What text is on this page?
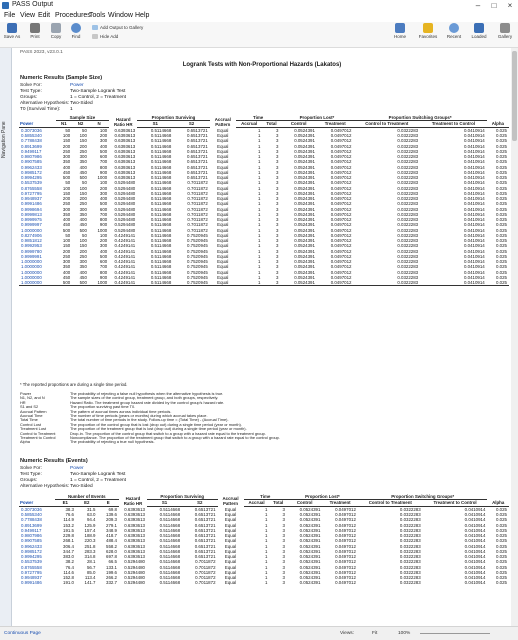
PASS Output	–	□	×
File View Edit Procedures
Tools Window Help
Save As	Print	Copy	Find
Add Output to Gallery
Hide Add	Home	Favorites	Recent	Loaded	Gallery
Navigation Pane
PASS 2023, v23.0.1
Logrank Tests with Non-Proportional Hazards (Lakatos)
Numeric Results (Sample Size)
Solve For:	Power
Test Type:	Two-Sample Logrank Test
Groups:	1 = Control, 2 = Treatment
Alternative Hypothesis:Two-Sided
T0 (Survival Time): 1
	Sample Size			Hazard Ratio HR	Proportion Surviving		Accrual Pattern	Time		Proportion Lost*		Proportion Switching Groups*		
Power	N1	N2	N		S1	S2		Accrual	Total	Control	Treatment	Control to Treatment	Treatment to Control	Alpha
0.3073036	50	50	100	0.6393613	0.5114668	0.6513721	Equal	1	3	0.0524391	0.0497012	0.0322283	0.0410914	0.025
0.5855340	100	100	200	0.6393613	0.5114668	0.6513721	Equal	1	3	0.0524391	0.0497012	0.0322283	0.0410914	0.025
0.7788438	150	150	300	0.6393613	0.5114668	0.6513721	Equal	1	3	0.0524391	0.0497012	0.0322283	0.0410914	0.025
0.8913699	200	200	400	0.6393613	0.5114668	0.6513721	Equal	1	3	0.0524391	0.0497012	0.0322283	0.0410914	0.025
0.9499117	250	250	500	0.6393613	0.5114668	0.6513721	Equal	1	3	0.0524391	0.0497012	0.0322283	0.0410914	0.025
0.9807986	300	300	600	0.6393613	0.5114668	0.6513721	Equal	1	3	0.0524391	0.0497012	0.0322283	0.0410914	0.025
0.9907585	350	350	700	0.6393613	0.5114668	0.6513721	Equal	1	3	0.0524391	0.0497012	0.0322283	0.0410914	0.025
0.9962433	400	400	800	0.6393613	0.5114668	0.6513721	Equal	1	3	0.0524391	0.0497012	0.0322283	0.0410914	0.025
0.9985172	450	450	900	0.6393613	0.5114668	0.6513721	Equal	1	3	0.0524391	0.0497012	0.0322283	0.0410914	0.025
0.9994295	500	500	1000	0.6393613	0.5114668	0.6513721	Equal	1	3	0.0524391	0.0497012	0.0322283	0.0410914	0.025
0.5537539	50	50	100	0.5294480	0.5114668	0.7011872	Equal	1	3	0.0524391	0.0497012	0.0322283	0.0410914	0.025
0.8765558	100	100	200	0.5294480	0.5114668	0.7011872	Equal	1	3	0.0524391	0.0497012	0.0322283	0.0410914	0.025
0.9727795	150	150	300	0.5294480	0.5114668	0.7011872	Equal	1	3	0.0524391	0.0497012	0.0322283	0.0410914	0.025
0.9948937	200	200	400	0.5294480	0.5114668	0.7011872	Equal	1	3	0.0524391	0.0497012	0.0322283	0.0410914	0.025
0.9991486	250	250	500	0.5294480	0.5114668	0.7011872	Equal	1	3	0.0524391	0.0497012	0.0322283	0.0410914	0.025
0.9998694	300	300	600	0.5294480	0.5114668	0.7011872	Equal	1	3	0.0524391	0.0497012	0.0322283	0.0410914	0.025
0.9999813	350	350	700	0.5294480	0.5114668	0.7011872	Equal	1	3	0.0524391	0.0497012	0.0322283	0.0410914	0.025
0.9999975	400	400	800	0.5294480	0.5114668	0.7011872	Equal	1	3	0.0524391	0.0497012	0.0322283	0.0410914	0.025
0.9999997	450	450	900	0.5294480	0.5114668	0.7011872	Equal	1	3	0.0524391	0.0497012	0.0322283	0.0410914	0.025
1.0000000	500	500	1000	0.5294480	0.5114668	0.7011872	Equal	1	3	0.0524391	0.0497012	0.0322283	0.0410914	0.025
0.8274906	50	50	100	0.4249141	0.5114668	0.7520945	Equal	1	3	0.0524391	0.0497012	0.0322283	0.0410914	0.025
0.9851812	100	100	200	0.4249141	0.5114668	0.7520945	Equal	1	3	0.0524391	0.0497012	0.0322283	0.0410914	0.025
0.9992953	150	150	300	0.4249141	0.5114668	0.7520945	Equal	1	3	0.0524391	0.0497012	0.0322283	0.0410914	0.025
0.9999780	200	200	400	0.4249141	0.5114668	0.7520945	Equal	1	3	0.0524391	0.0497012	0.0322283	0.0410914	0.025
0.9999991	250	250	500	0.4249141	0.5114668	0.7520945	Equal	1	3	0.0524391	0.0497012	0.0322283	0.0410914	0.025
1.0000000	300	300	600	0.4249141	0.5114668	0.7520945	Equal	1	3	0.0524391	0.0497012	0.0322283	0.0410914	0.025
1.0000000	350	350	700	0.4249141	0.5114668	0.7520945	Equal	1	3	0.0524391	0.0497012	0.0322283	0.0410914	0.025
1.0000000	400	400	800	0.4249141	0.5114668	0.7520945	Equal	1	3	0.0524391	0.0497012	0.0322283	0.0410914	0.025
1.0000000	450	450	900	0.4249141	0.5114668	0.7520945	Equal	1	3	0.0524391	0.0497012	0.0322283	0.0410914	0.025
1.0000000	500	500	1000	0.4249141	0.5114668	0.7520945	Equal	1	3	0.0524391	0.0497012	0.0322283	0.0410914	0.025
* The reported proportions are during a single time period.
Power	The probability of rejecting a false null hypothesis when the alternative hypothesis is true.
N1, N2, and N	The sample sizes of the control group, treatment group, and both groups, respectively.
HR	Hazard Ratio. The treatment group hazard rate divided by the control group's hazard rate.
S1 and S2	The proportion surviving past time T0.
Accrual Pattern	The pattern of accrual times across individual time periods.
Accrual Time	The number of time periods (years or months) during which accrual takes place.
Total Time	The total number of time periods in the study. Follow-up time = (Total Time) - (Accrual Time).
Control Lost	The proportion of the control group that is lost (drop out) during a single time period (year or month).
Treatment Lost	The proportion of the treatment group that is lost (drop out) during a single time period (year or month).
Control to Treatment	Drop-in. The proportion of the control group that switch to a group with a hazard rate equal to the treatment group.
Treatment to Control	Noncompliance. The proportion of the treatment group that switch to a group with a hazard rate equal to the control group.
Alpha	The probability of rejecting a true null hypothesis.
Numeric Results (Events)
Solve For:	Power
Test Type:	Two-Sample Logrank Test
Groups:	1 = Control, 2 = Treatment
Alternative Hypothesis:Two-Sided
	Number of Events			Hazard Ratio HR	Proportion Surviving		Accrual Pattern	Time		Proportion Lost*		Proportion Switching Groups*		
Power	E1	E2	E		S1	S2		Accrual	Total	Control	Treatment	Control to Treatment	Treatment to Control	Alpha
0.3073036	38.3	31.5	69.8	0.6393613	0.5114668	0.6513721	Equal	1	3	0.0524391	0.0497012	0.0322283	0.0410914	0.025
0.5855340	76.6	63.0	139.6	0.6393613	0.5114668	0.6513721	Equal	1	3	0.0524391	0.0497012	0.0322283	0.0410914	0.025
0.7788438	114.9	94.4	209.3	0.6393613	0.5114668	0.6513721	Equal	1	3	0.0524391	0.0497012	0.0322283	0.0410914	0.025
0.8913699	153.2	125.9	279.1	0.6393613	0.5114668	0.6513721	Equal	1	3	0.0524391	0.0497012	0.0322283	0.0410914	0.025
0.9499117	191.5	157.4	348.9	0.6393613	0.5114668	0.6513721	Equal	1	3	0.0524391	0.0497012	0.0322283	0.0410914	0.025
0.9807986	229.8	188.9	418.7	0.6393613	0.5114668	0.6513721	Equal	1	3	0.0524391	0.0497012	0.0322283	0.0410914	0.025
0.9907585	268.1	220.3	488.4	0.6393613	0.5114668	0.6513721	Equal	1	3	0.0524391	0.0497012	0.0322283	0.0410914	0.025
0.9962433	306.4	251.8	558.2	0.6393613	0.5114668	0.6513721	Equal	1	3	0.0524391	0.0497012	0.0322283	0.0410914	0.025
0.9985172	344.7	283.3	628.0	0.6393613	0.5114668	0.6513721	Equal	1	3	0.0524391	0.0497012	0.0322283	0.0410914	0.025
0.9994295	383.0	314.8	697.8	0.6393613	0.5114668	0.6513721	Equal	1	3	0.0524391	0.0497012	0.0322283	0.0410914	0.025
0.5537539	38.2	28.1	66.5	0.5294480	0.5114668	0.7011872	Equal	1	3	0.0524391	0.0497012	0.0322283	0.0410914	0.025
0.8765558	76.4	56.7	133.1	0.5294480	0.5114668	0.7011872	Equal	1	3	0.0524391	0.0497012	0.0322283	0.0410914	0.025
0.9727795	114.6	85.0	199.6	0.5294480	0.5114668	0.7011872	Equal	1	3	0.0524391	0.0497012	0.0322283	0.0410914	0.025
0.9948937	152.8	113.4	266.2	0.5294480	0.5114668	0.7011872	Equal	1	3	0.0524391	0.0497012	0.0322283	0.0410914	0.025
0.9991486	191.0	141.7	332.7	0.5294480	0.5114668	0.7011872	Equal	1	3	0.0524391	0.0497012	0.0322283	0.0410914	0.025
Continuous Page	Views:	Fit	100%
